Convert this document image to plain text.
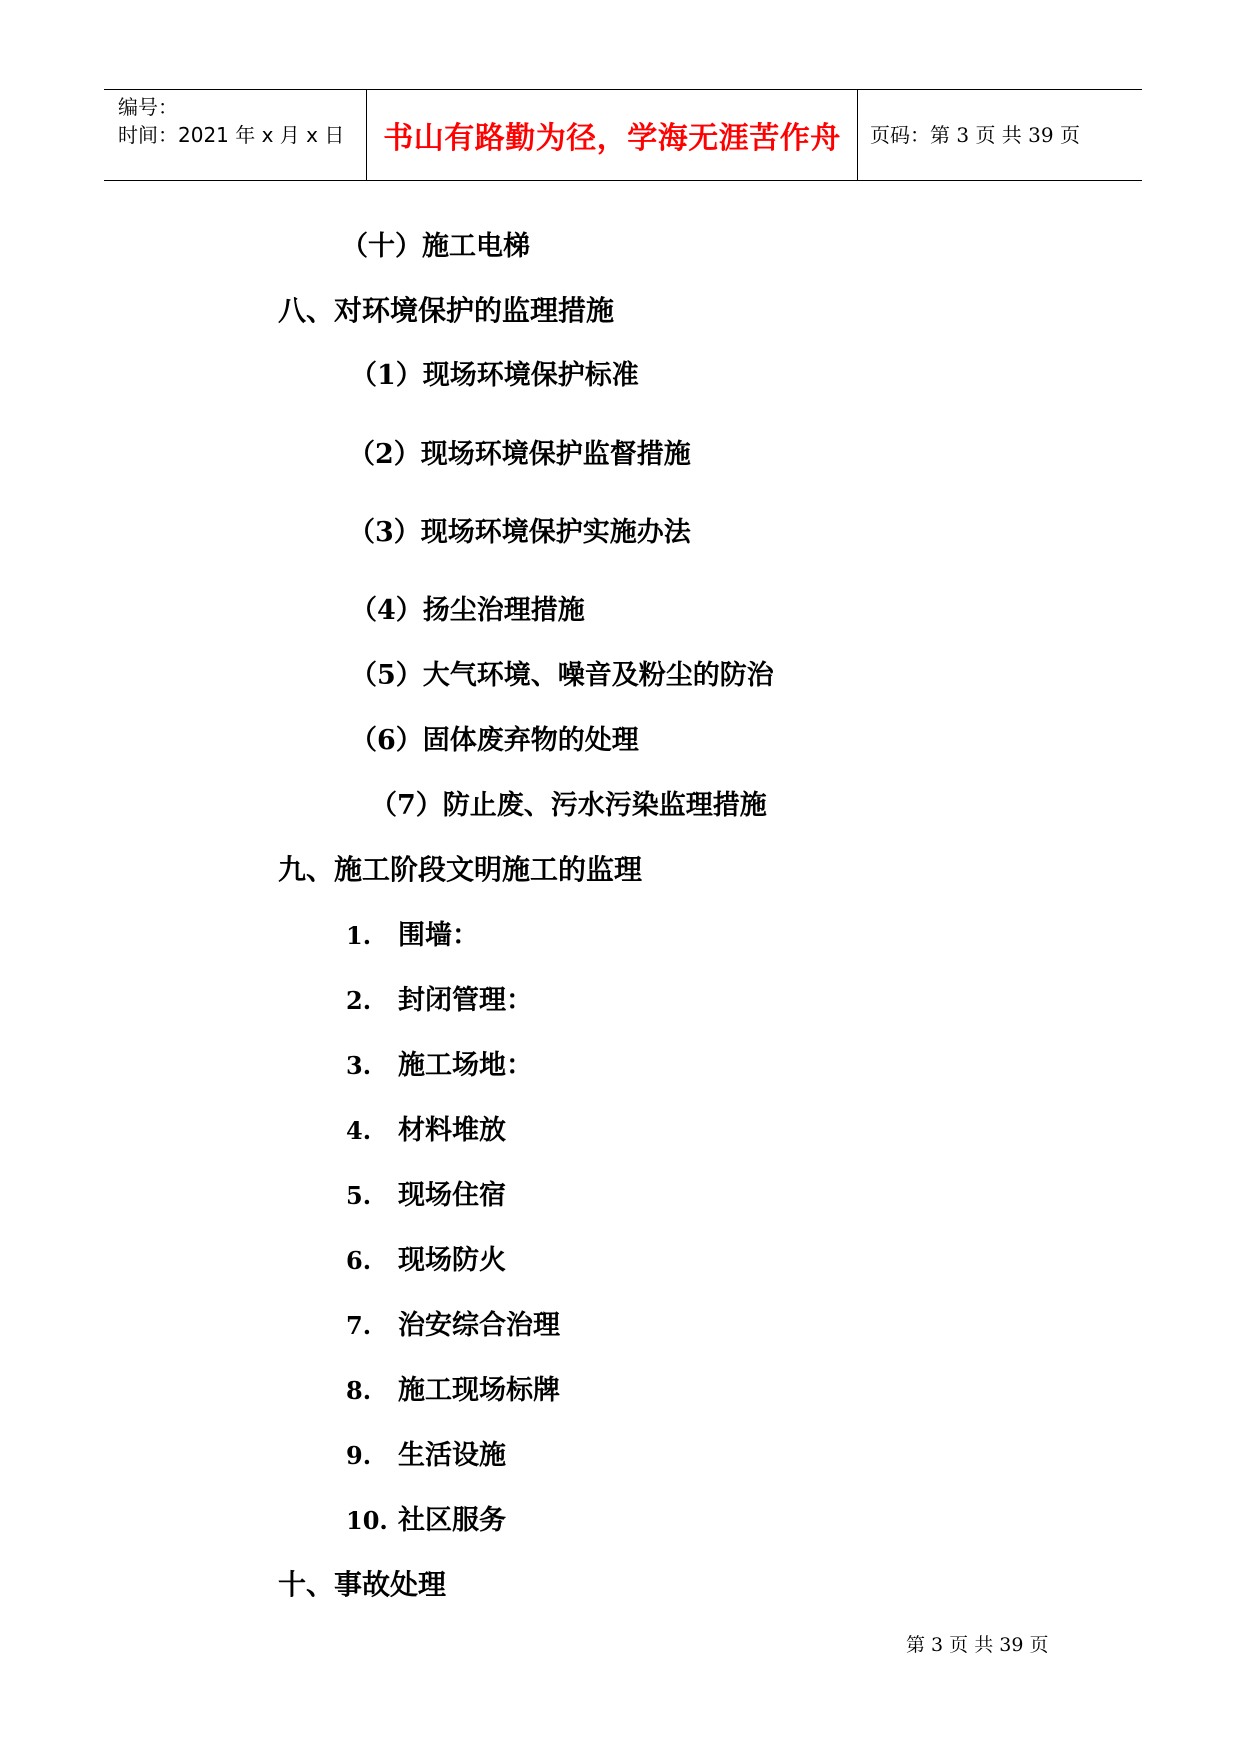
编号：
时间：2021 年 x 月 x 日	书山有路勤为径，学海无涯苦作舟 页码：第 3 页 共 39 页
（十）施工电梯
八、对环境保护的监理措施
（1）现场环境保护标准
（2）现场环境保护监督措施
（3）现场环境保护实施办法
（4）扬尘治理措施
（5）大气环境、噪音及粉尘的防治
（6）固体废弃物的处理
（7）防止废、污水污染监理措施
九、施工阶段文明施工的监理
1. 围墙：
2. 封闭管理：
3. 施工场地：
4. 材料堆放
5. 现场住宿
6. 现场防火
7. 治安综合治理
8. 施工现场标牌
9. 生活设施
10. 社区服务
十、事故处理
第 3 页 共 39 页
